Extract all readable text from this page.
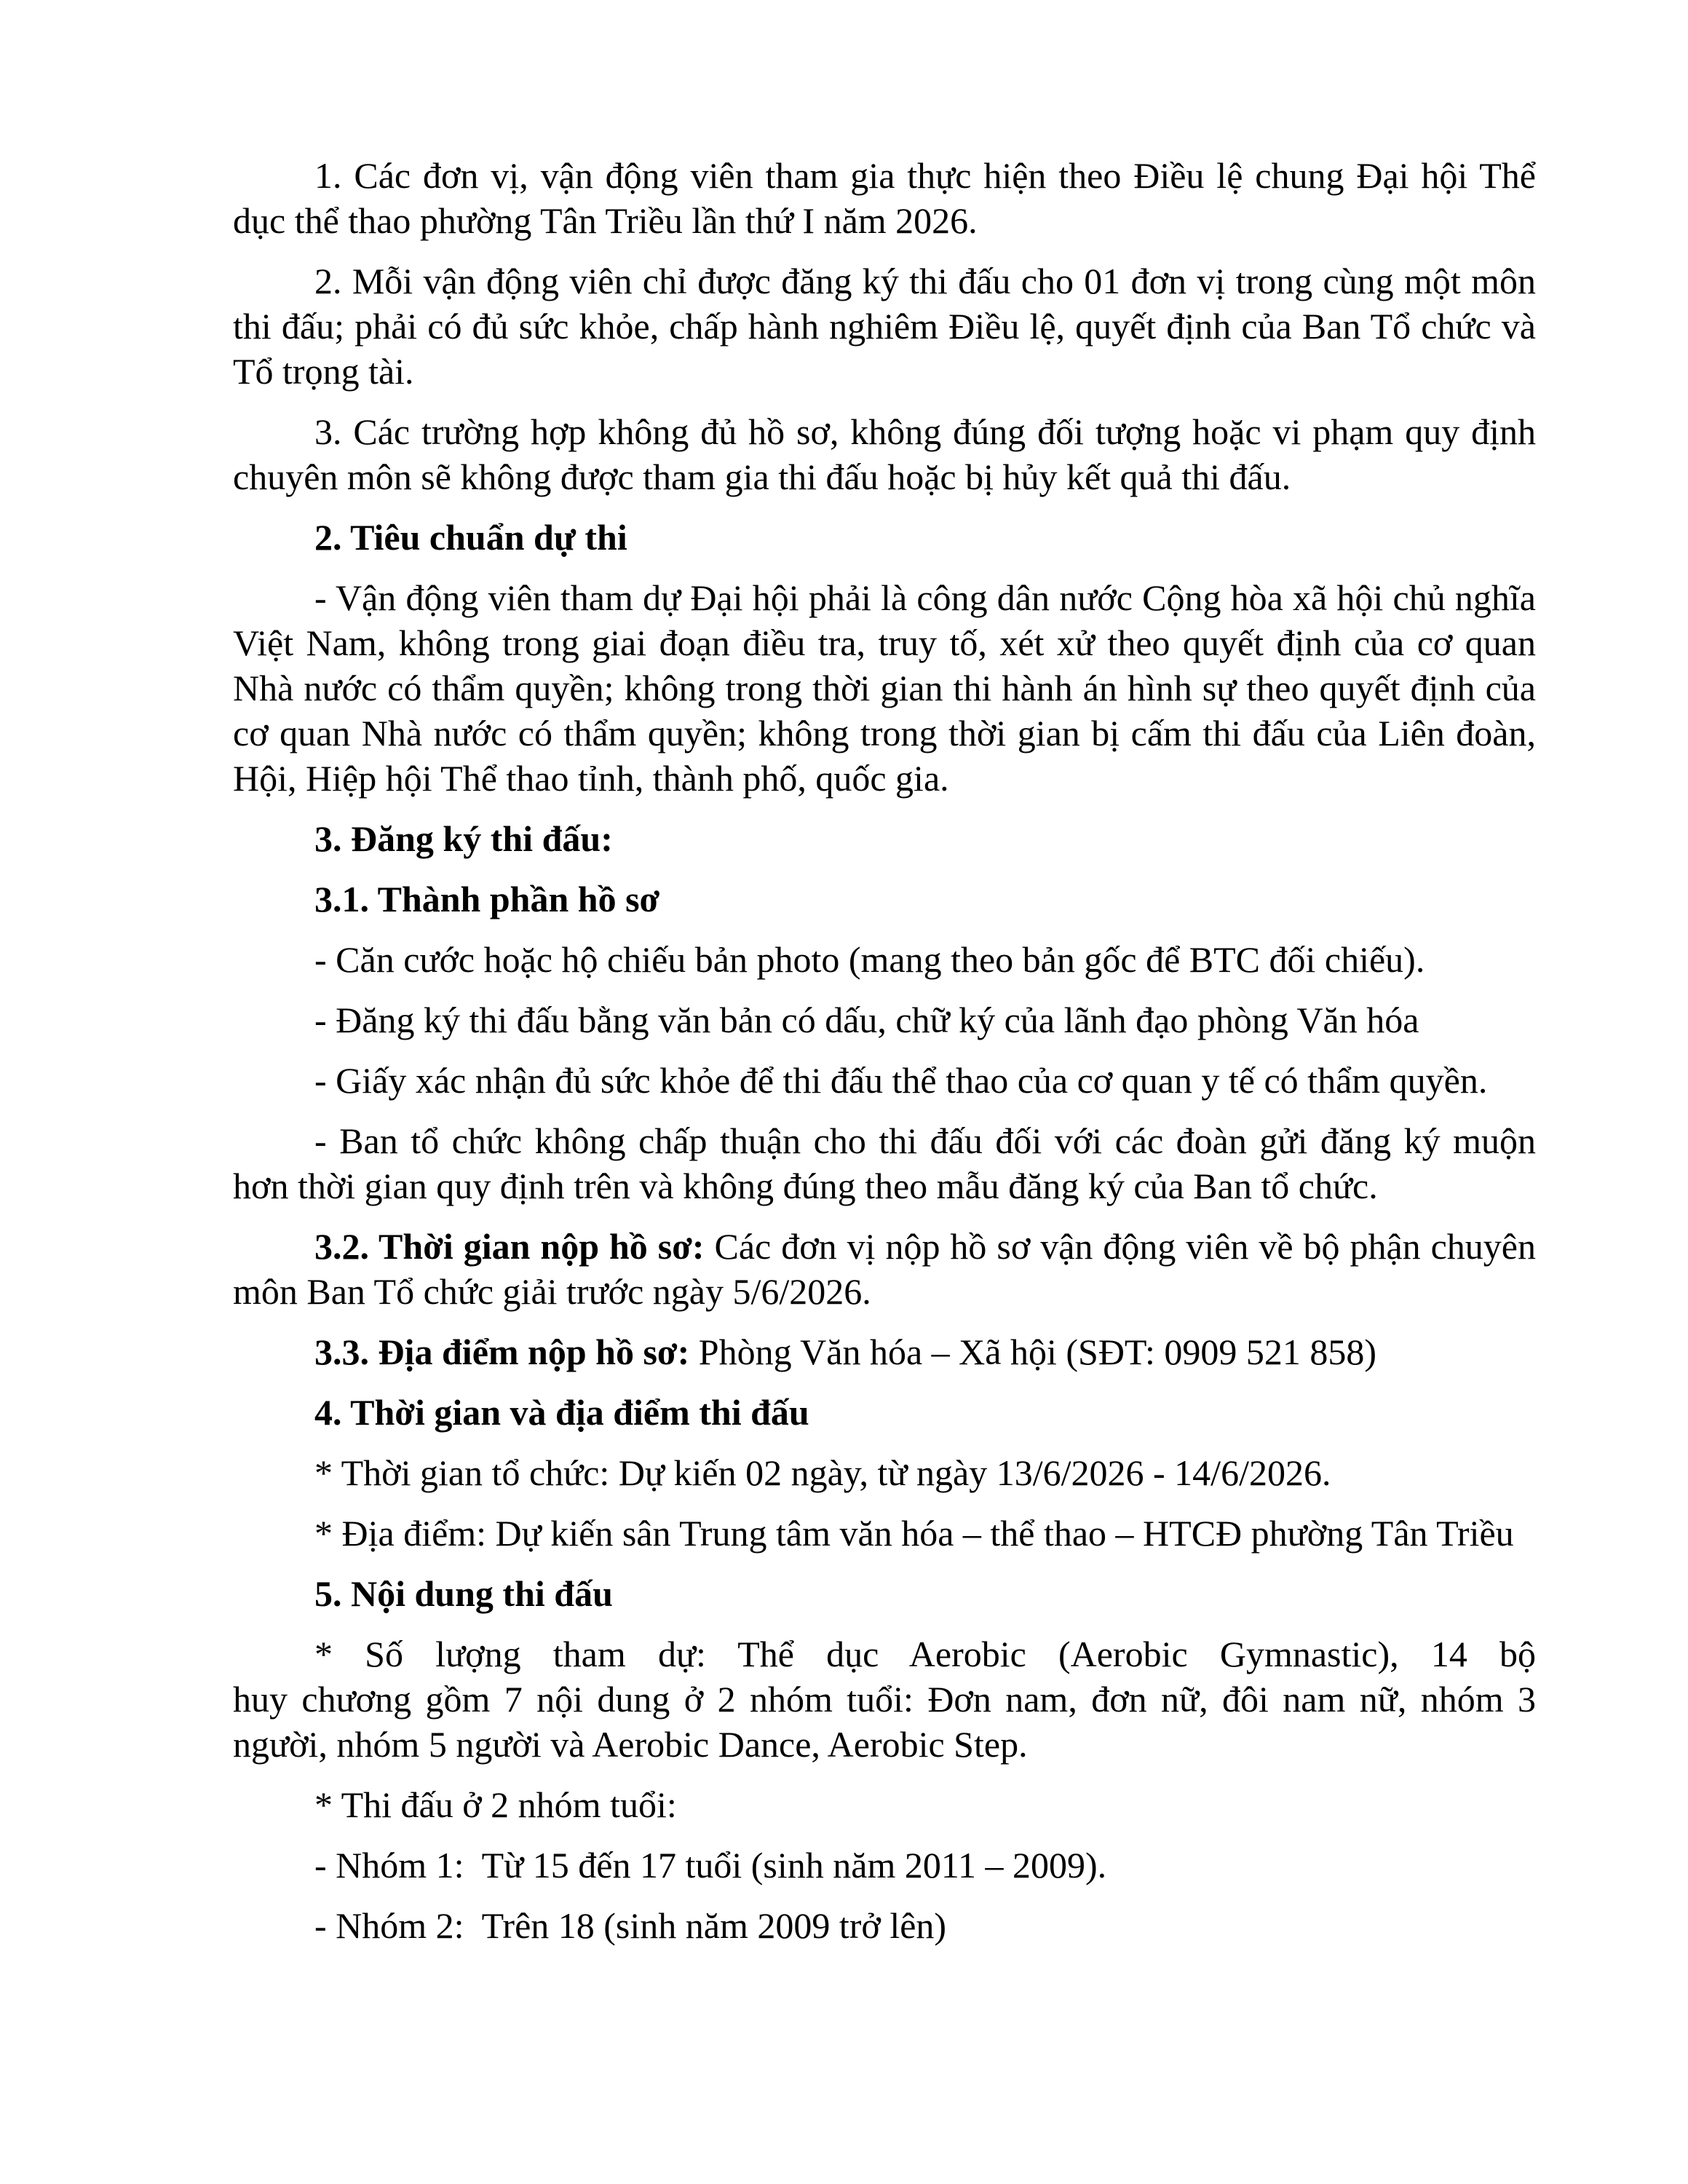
1. Các đơn vị, vận động viên tham gia thực hiện theo Điều lệ chung Đại hội Thể dục thể thao phường Tân Triều lần thứ I năm 2026.

2. Mỗi vận động viên chỉ được đăng ký thi đấu cho 01 đơn vị trong cùng một môn thi đấu; phải có đủ sức khỏe, chấp hành nghiêm Điều lệ, quyết định của Ban Tổ chức và Tổ trọng tài.

3. Các trường hợp không đủ hồ sơ, không đúng đối tượng hoặc vi phạm quy định chuyên môn sẽ không được tham gia thi đấu hoặc bị hủy kết quả thi đấu.

2. Tiêu chuẩn dự thi

- Vận động viên tham dự Đại hội phải là công dân nước Cộng hòa xã hội chủ nghĩa Việt Nam, không trong giai đoạn điều tra, truy tố, xét xử theo quyết định của cơ quan Nhà nước có thẩm quyền; không trong thời gian thi hành án hình sự theo quyết định của cơ quan Nhà nước có thẩm quyền; không trong thời gian bị cấm thi đấu của Liên đoàn, Hội, Hiệp hội Thể thao tỉnh, thành phố, quốc gia.

3. Đăng ký thi đấu:

3.1. Thành phần hồ sơ

- Căn cước hoặc hộ chiếu bản photo (mang theo bản gốc để BTC đối chiếu).

- Đăng ký thi đấu bằng văn bản có dấu, chữ ký của lãnh đạo phòng Văn hóa

- Giấy xác nhận đủ sức khỏe để thi đấu thể thao của cơ quan y tế có thẩm quyền.

- Ban tổ chức không chấp thuận cho thi đấu đối với các đoàn gửi đăng ký muộn hơn thời gian quy định trên và không đúng theo mẫu đăng ký của Ban tổ chức.

3.2. Thời gian nộp hồ sơ: Các đơn vị nộp hồ sơ vận động viên về bộ phận chuyên môn Ban Tổ chức giải trước ngày 5/6/2026.

3.3. Địa điểm nộp hồ sơ: Phòng Văn hóa – Xã hội (SĐT: 0909 521 858)

4. Thời gian và địa điểm thi đấu

* Thời gian tổ chức: Dự kiến 02 ngày, từ ngày 13/6/2026 - 14/6/2026.

* Địa điểm: Dự kiến sân Trung tâm văn hóa – thể thao – HTCĐ phường Tân Triều

5. Nội dung thi đấu

* Số lượng tham dự: Thể dục Aerobic (Aerobic Gymnastic), 14 bộ

huy chương gồm 7 nội dung ở 2 nhóm tuổi: Đơn nam, đơn nữ, đôi nam nữ, nhóm 3 người, nhóm 5 người và Aerobic Dance, Aerobic Step.

* Thi đấu ở 2 nhóm tuổi:

- Nhóm 1:  Từ 15 đến 17 tuổi (sinh năm 2011 – 2009).

- Nhóm 2:  Trên 18 (sinh năm 2009 trở lên)
